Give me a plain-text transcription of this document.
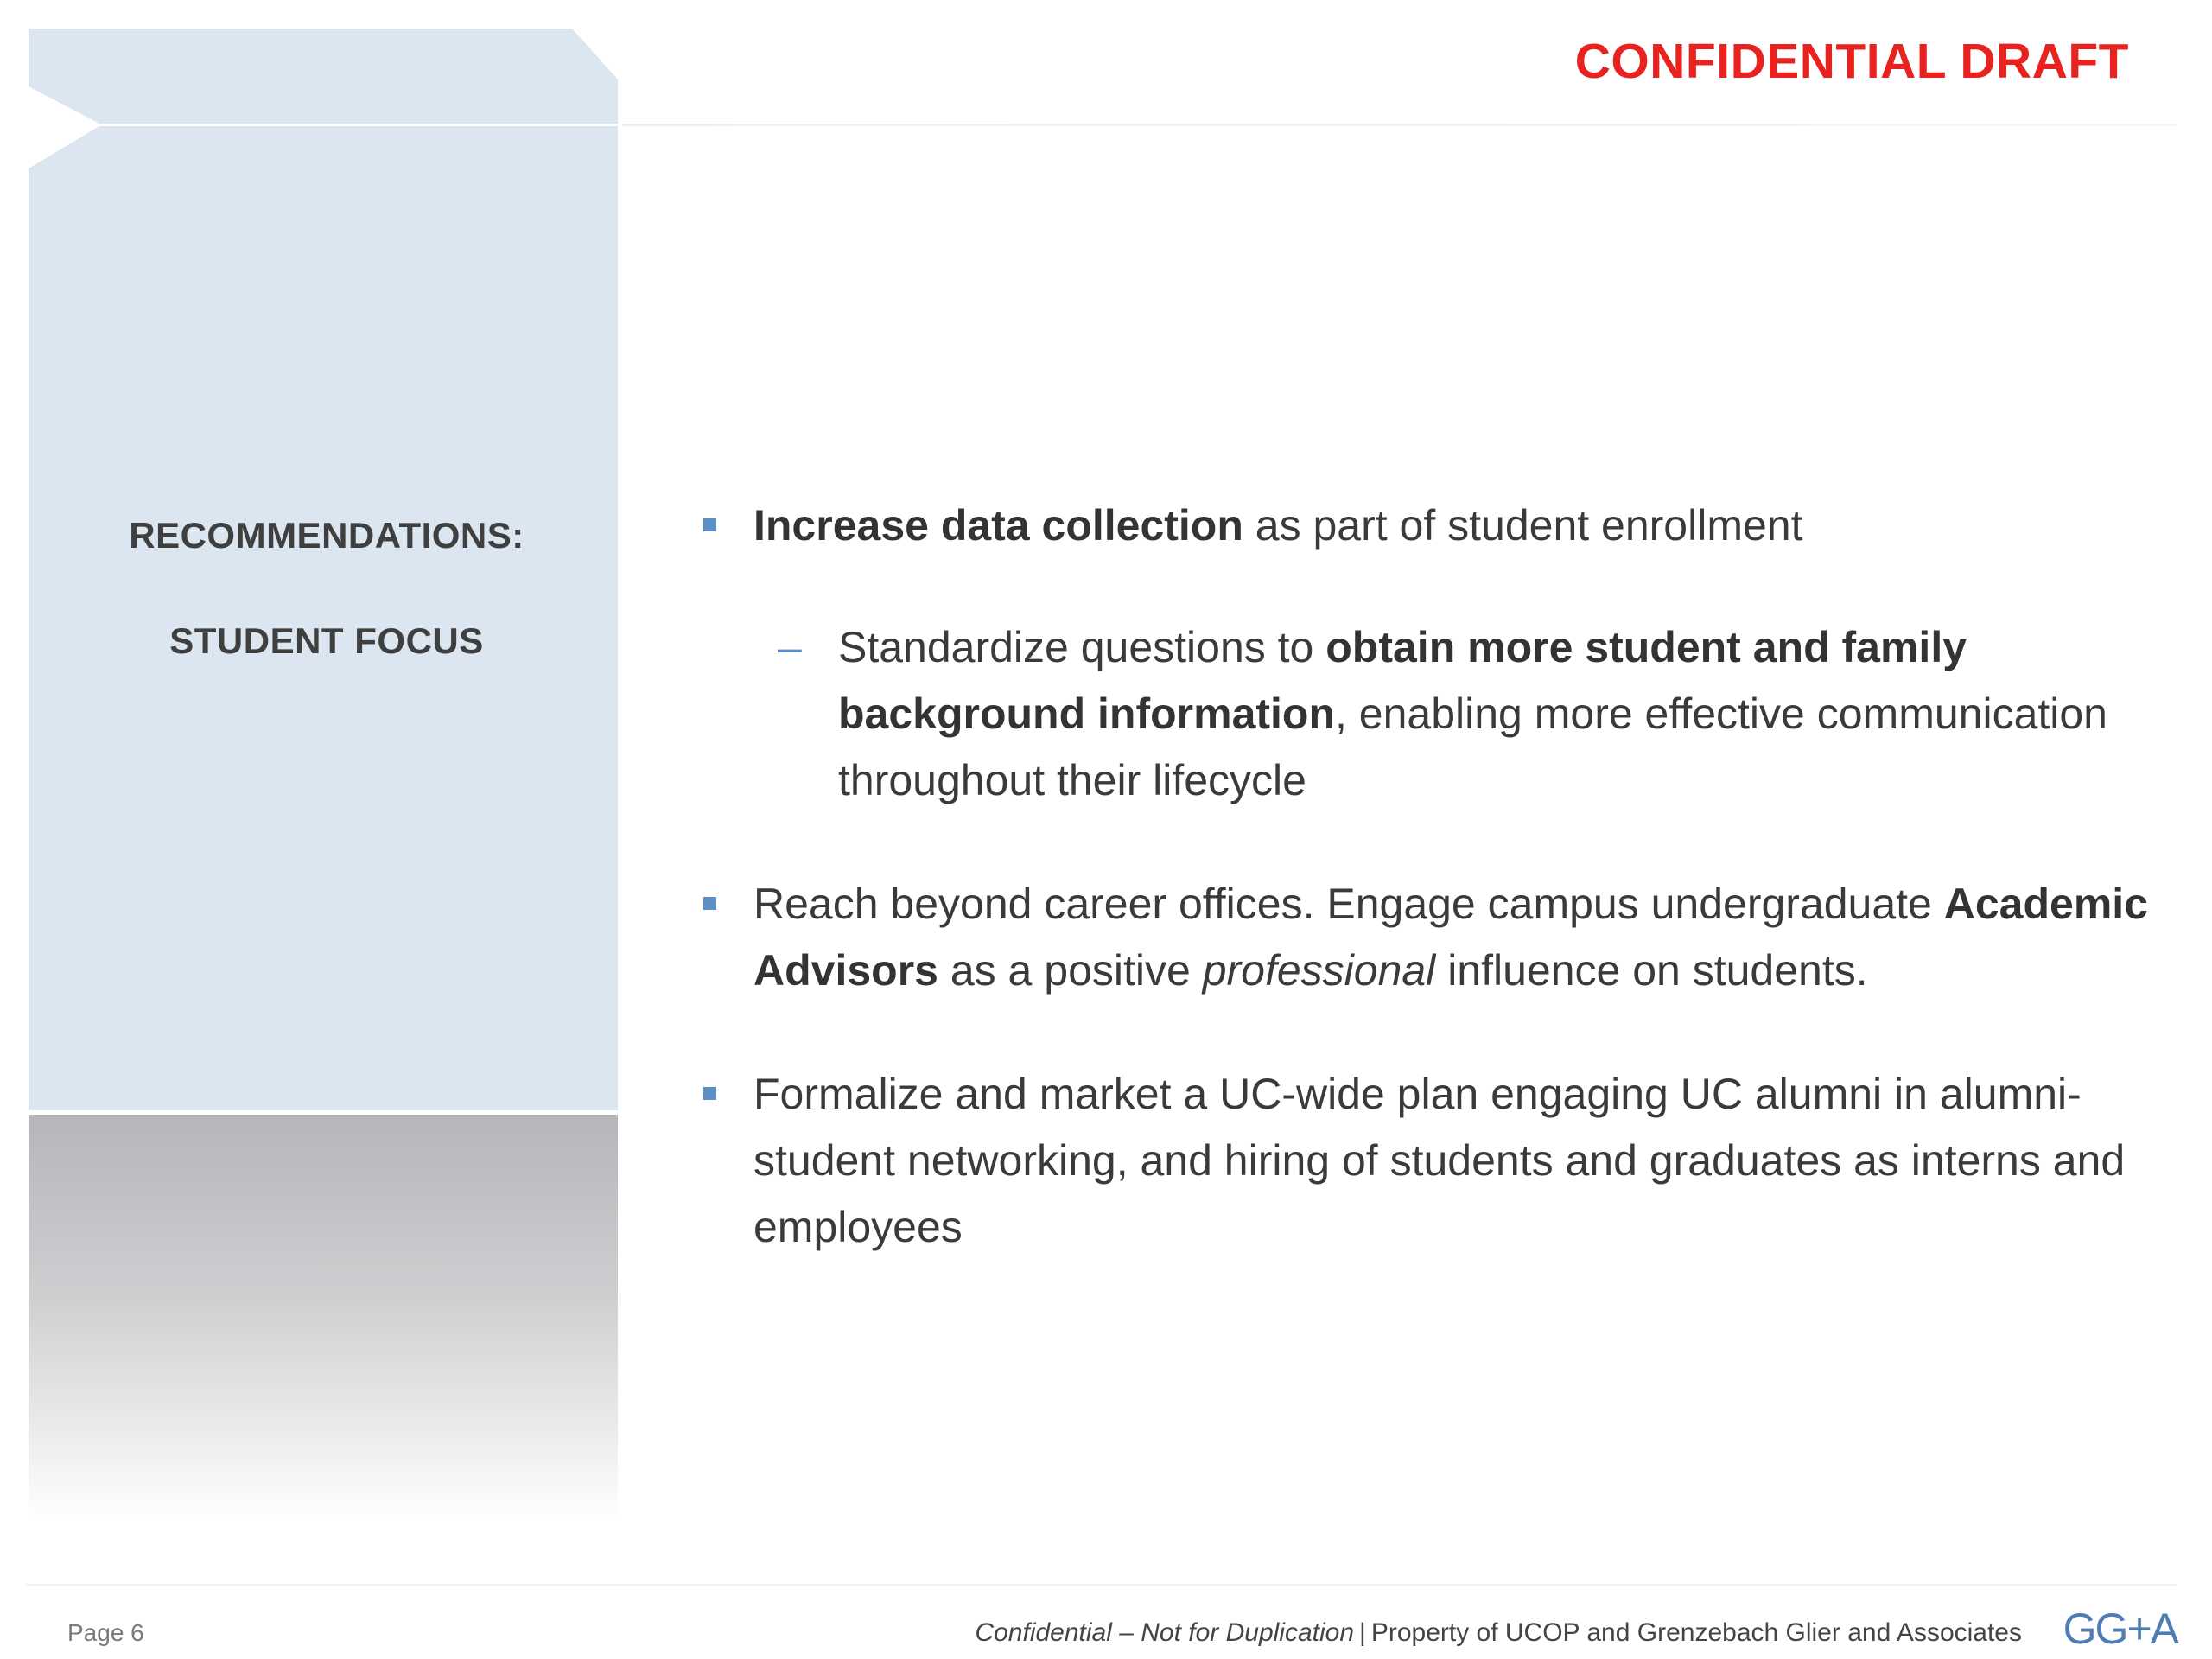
RECOMMENDATIONS:
STUDENT FOCUS
CONFIDENTIAL DRAFT
Increase data collection as part of student enrollment
– Standardize questions to obtain more student and family background information, enabling more effective communication throughout their lifecycle
Reach beyond career offices. Engage campus undergraduate Academic Advisors as a positive professional influence on students.
Formalize and market a UC-wide plan engaging UC alumni in alumni-student networking, and hiring of students and graduates as interns and employees
Page 6	Confidential – Not for Duplication | Property of UCOP and Grenzebach Glier and Associates GG+A
